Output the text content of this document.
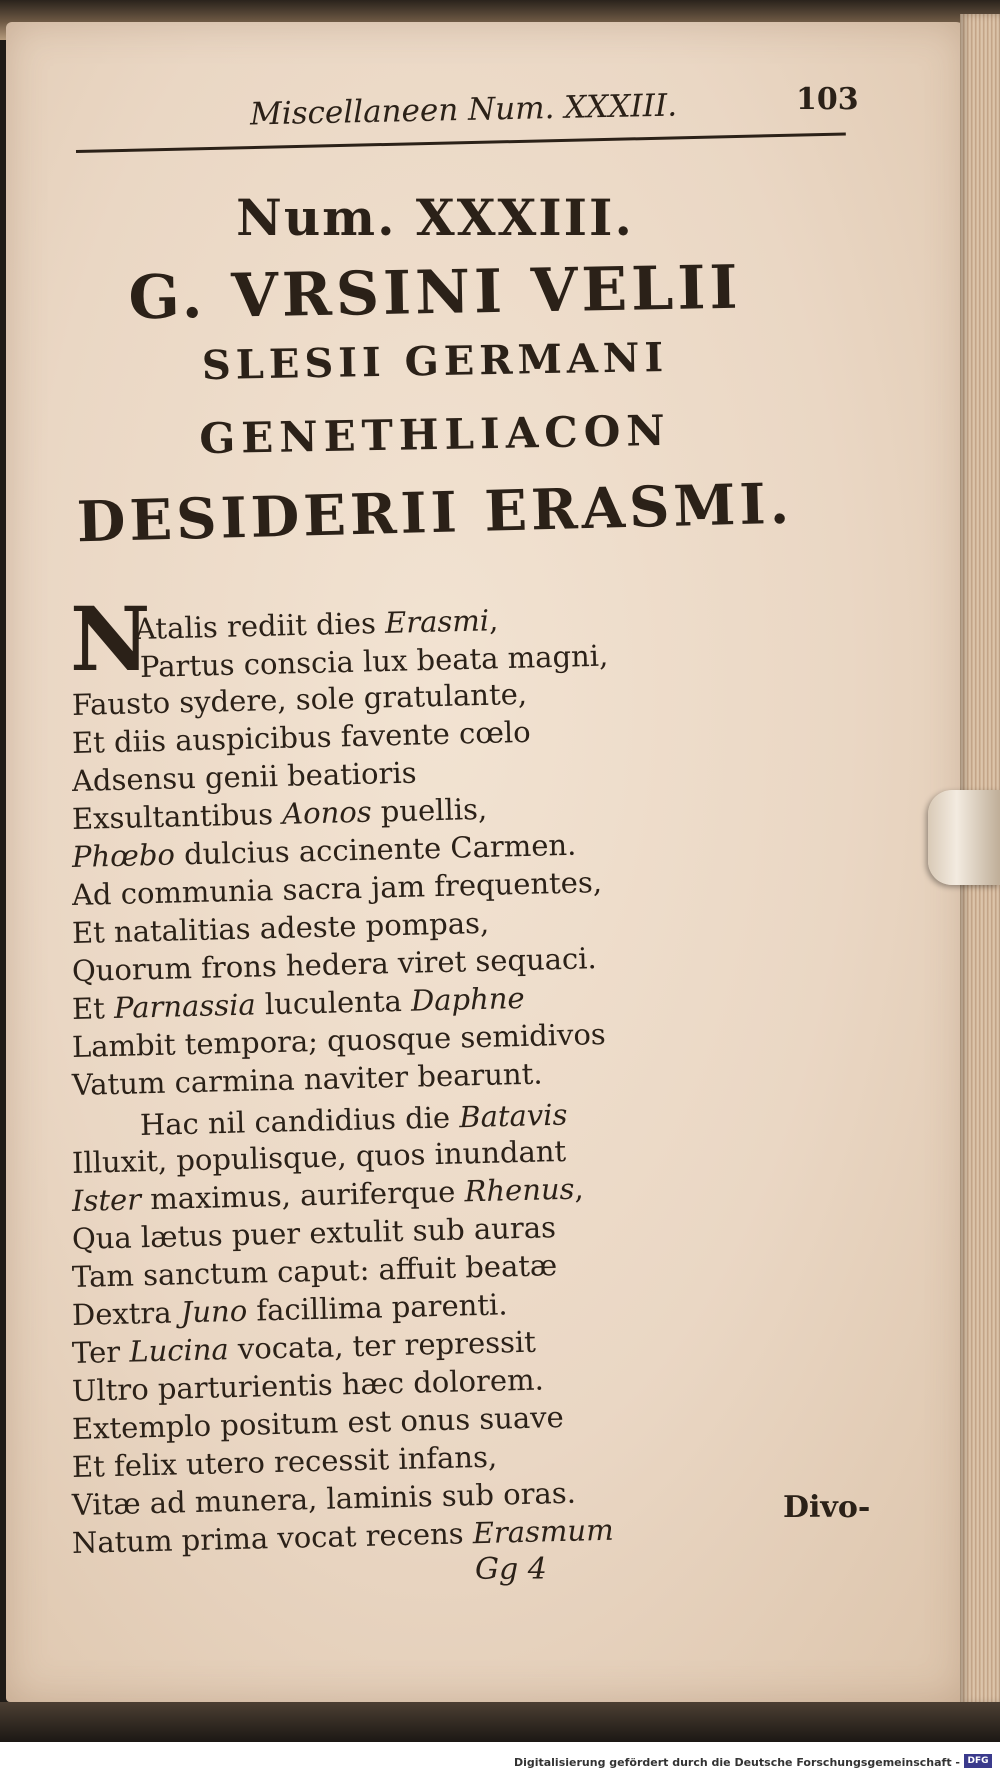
Miscellaneen Num. XXXIII.	103
Num. XXXIII.
G. VRSINI VELII
SLESII GERMANI
GENETHLIACON
DESIDERII ERASMI.
N
Atalis rediit dies Erasmi,
Partus conscia lux beata magni,
Fausto sydere, sole gratulante,
Et diis auspicibus favente cœlo
Adsensu genii beatioris
Exsultantibus Aonos puellis,
Phœbo dulcius accinente Carmen.
Ad communia sacra jam frequentes,
Et natalitias adeste pompas,
Quorum frons hedera viret sequaci.
Et Parnassia luculenta Daphne
Lambit tempora; quosque semidivos
Vatum carmina naviter bearunt.
Hac nil candidius die Batavis
Illuxit, populisque, quos inundant
Ister maximus, auriferque Rhenus,
Qua lætus puer extulit sub auras
Tam sanctum caput: affuit beatæ
Dextra Juno facillima parenti.
Ter Lucina vocata, ter repressit
Ultro parturientis hæc dolorem.
Extemplo positum est onus suave
Et felix utero recessit infans,
Vitæ ad munera, laminis sub oras.
Natum prima vocat recens Erasmum
Gg 4
Divo-
Digitalisierung gefördert durch die Deutsche Forschungsgemeinschaft - DFG
